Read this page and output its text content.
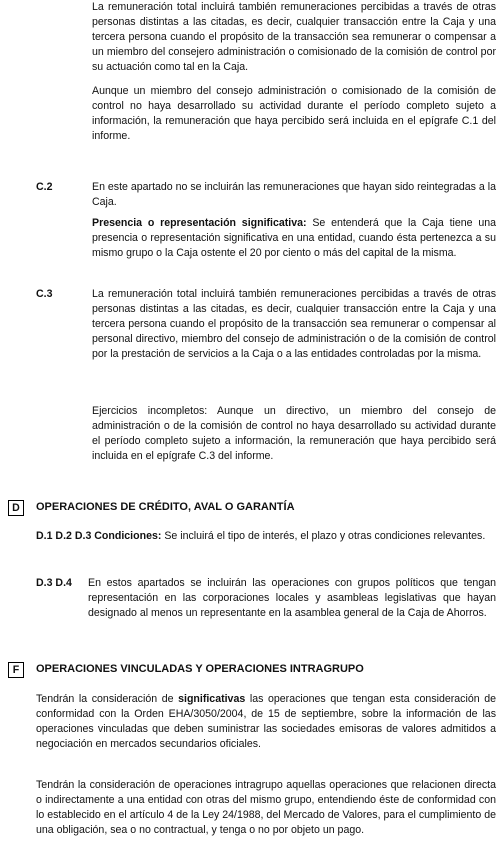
La remuneración total incluirá también remuneraciones percibidas a través de otras personas distintas a las citadas, es decir, cualquier transacción entre la Caja y una tercera persona cuando el propósito de la transacción sea remunerar o compensar a un miembro del consejero administración o comisionado de la comisión de control por su actuación como tal en la Caja.

Aunque un miembro del consejo administración o comisionado de la comisión de control no haya desarrollado su actividad durante el período completo sujeto a información, la remuneración que haya percibido será incluida en el epígrafe C.1 del informe.

C.2	En este apartado no se incluirán las remuneraciones que hayan sido reintegradas a la Caja.

Presencia o representación significativa: Se entenderá que la Caja tiene una presencia o representación significativa en una entidad, cuando ésta pertenezca a su mismo grupo o la Caja ostente el 20 por ciento o más del capital de la misma.

C.3	La remuneración total incluirá también remuneraciones percibidas a través de otras personas distintas a las citadas, es decir, cualquier transacción entre la Caja y una tercera persona cuando el propósito de la transacción sea remunerar o compensar al personal directivo, miembro del consejo de administración o de la comisión de control por la prestación de servicios a la Caja o a las entidades controladas por la misma.

Ejercicios incompletos: Aunque un directivo, un miembro del consejo de administración o de la comisión de control no haya desarrollado su actividad durante el período completo sujeto a información, la remuneración que haya percibido será incluida en el epígrafe C.3 del informe.

D	OPERACIONES DE CRÉDITO, AVAL O GARANTÍA

D.1 D.2 D.3 Condiciones: Se incluirá el tipo de interés, el plazo y otras condiciones relevantes.

D.3 D.4 En estos apartados se incluirán las operaciones con grupos políticos que tengan representación en las corporaciones locales y asambleas legislativas que hayan designado al menos un representante en la asamblea general de la Caja de Ahorros.

F	OPERACIONES VINCULADAS Y OPERACIONES INTRAGRUPO

Tendrán la consideración de significativas las operaciones que tengan esta consideración de conformidad con la Orden EHA/3050/2004, de 15 de septiembre, sobre la información de las operaciones vinculadas que deben suministrar las sociedades emisoras de valores admitidos a negociación en mercados secundarios oficiales.

Tendrán la consideración de operaciones intragrupo aquellas operaciones que relacionen directa o indirectamente a una entidad con otras del mismo grupo, entendiendo éste de conformidad con lo establecido en el artículo 4 de la Ley 24/1988, del Mercado de Valores, para el cumplimiento de una obligación, sea o no contractual, y tenga o no por objeto un pago.
